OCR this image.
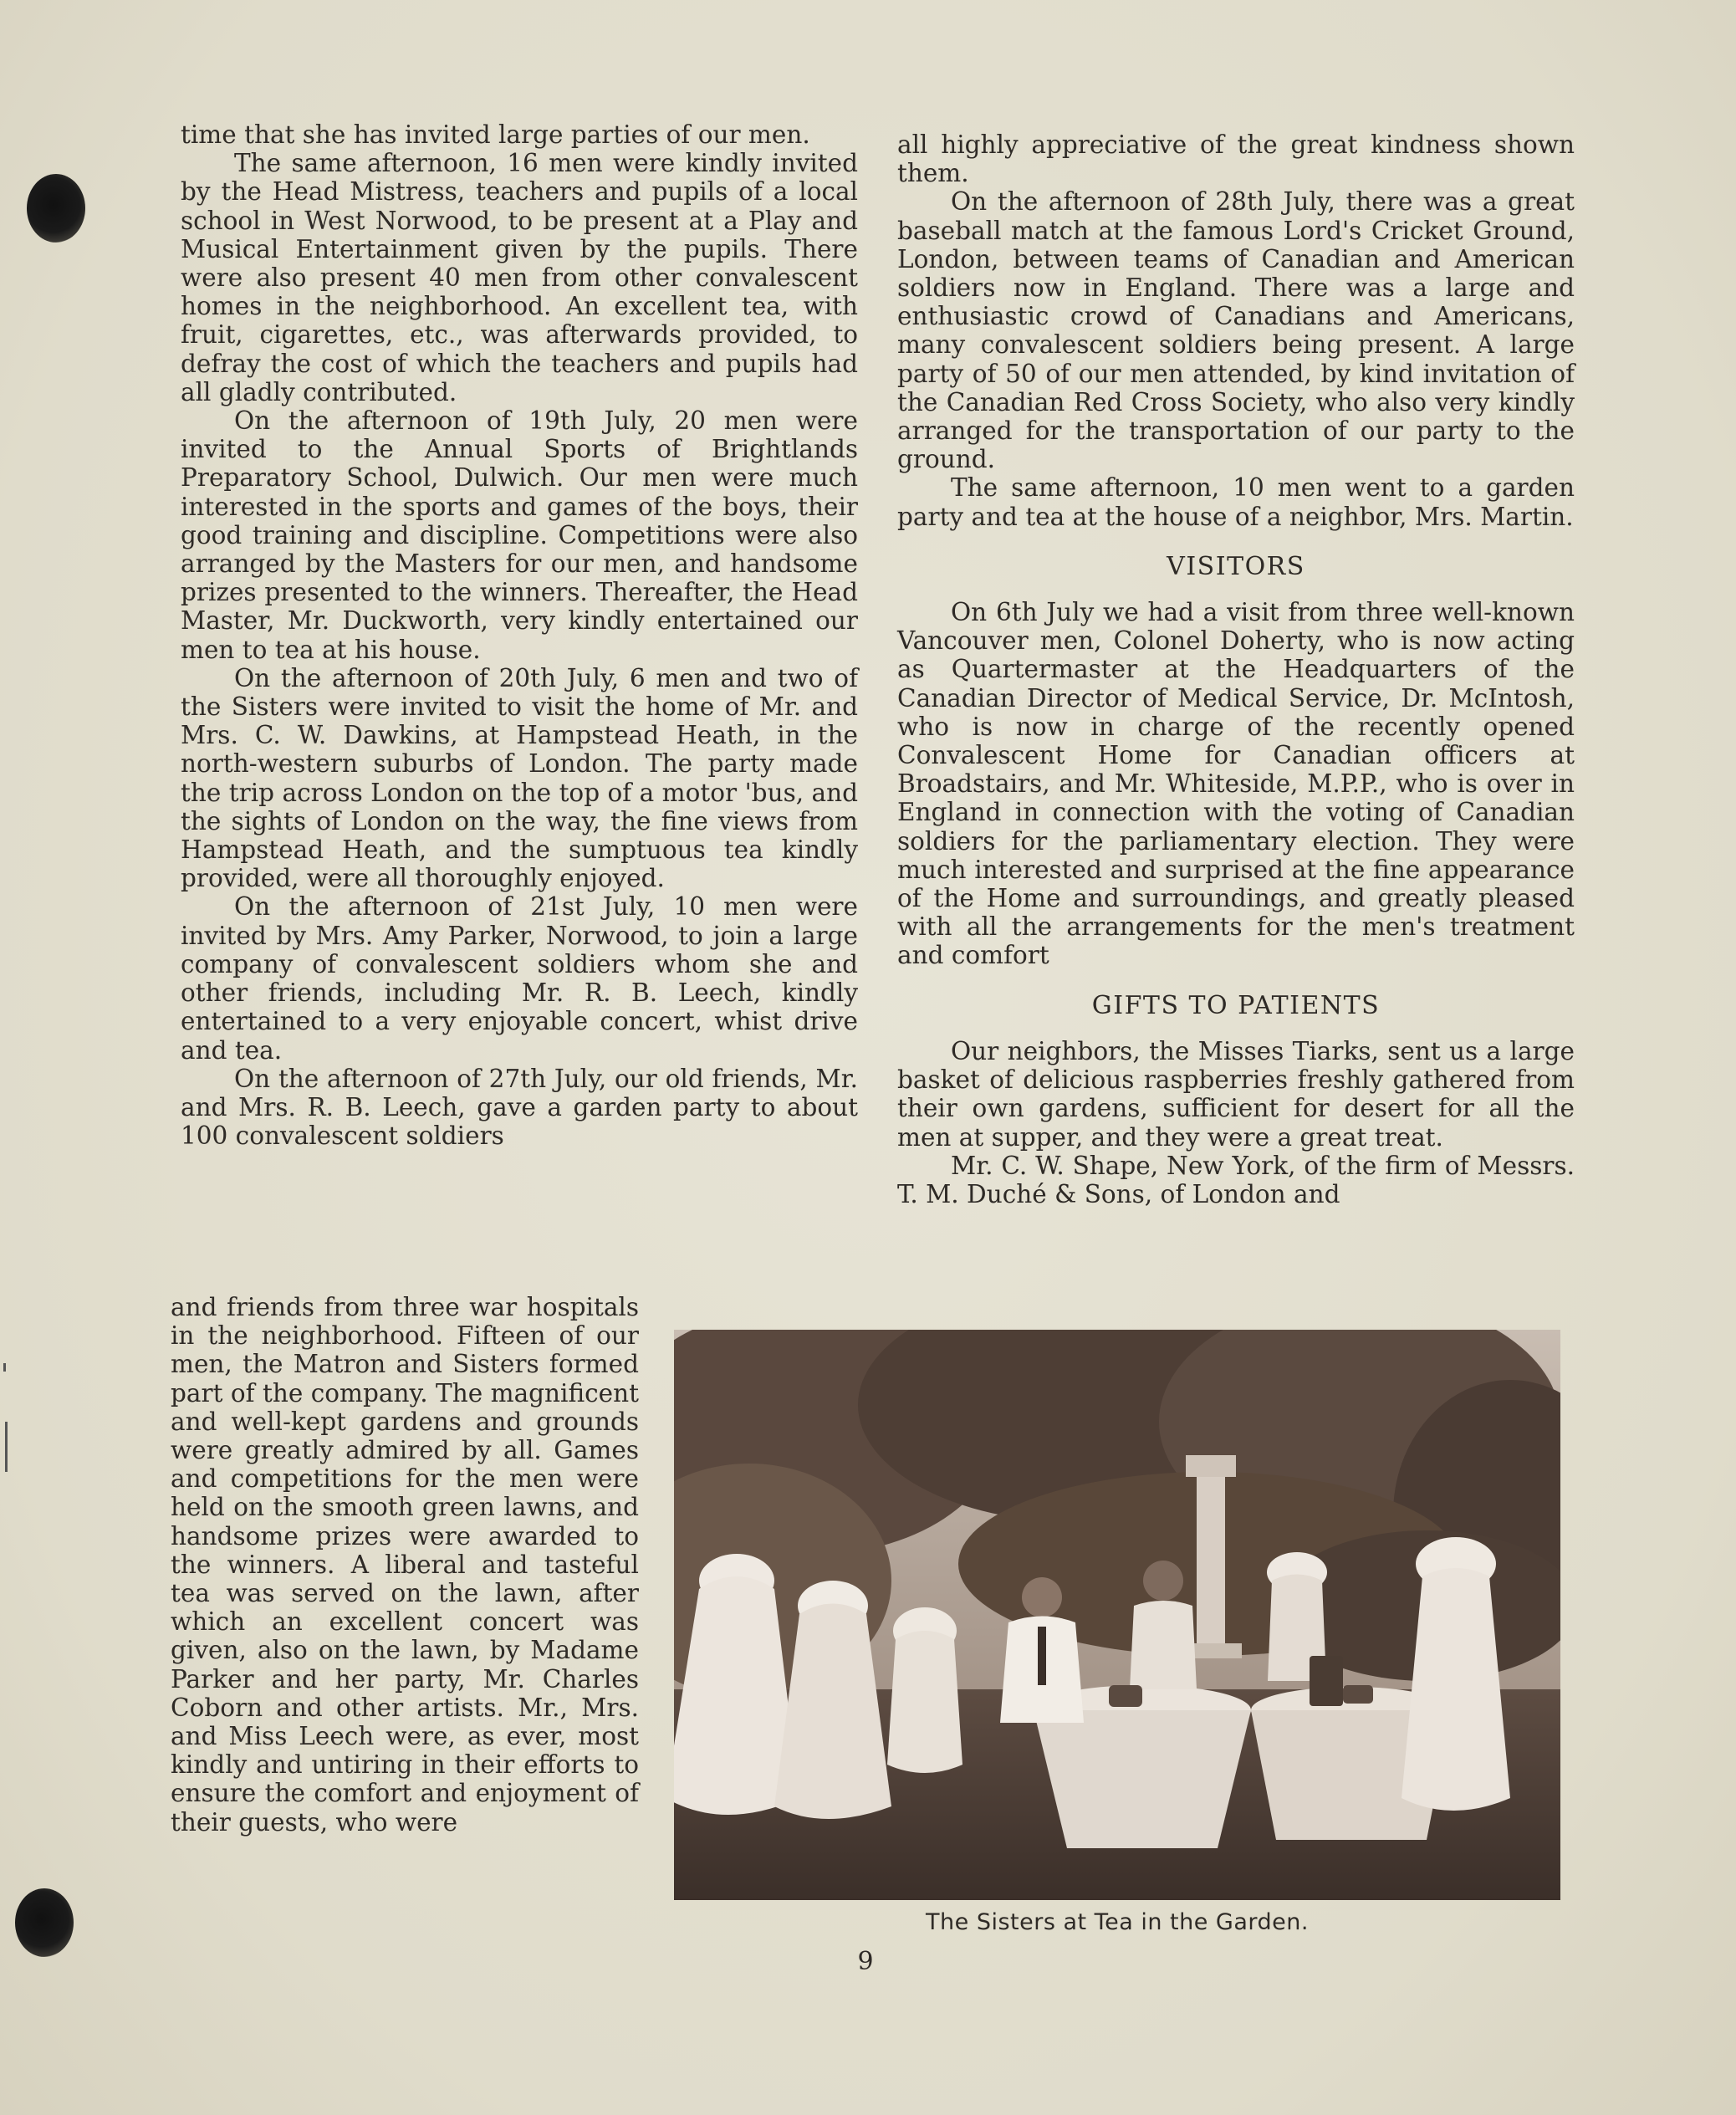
time that she has invited large parties of our men.

The same afternoon, 16 men were kindly invited by the Head Mistress, teachers and pupils of a local school in West Norwood, to be present at a Play and Musical Entertainment given by the pupils. There were also present 40 men from other convalescent homes in the neighborhood. An excellent tea, with fruit, cigarettes, etc., was afterwards provided, to defray the cost of which the teachers and pupils had all gladly contributed.

On the afternoon of 19th July, 20 men were invited to the Annual Sports of Brightlands Preparatory School, Dulwich. Our men were much interested in the sports and games of the boys, their good training and discipline. Competitions were also arranged by the Masters for our men, and handsome prizes presented to the winners. Thereafter, the Head Master, Mr. Duckworth, very kindly entertained our men to tea at his house.

On the afternoon of 20th July, 6 men and two of the Sisters were invited to visit the home of Mr. and Mrs. C. W. Dawkins, at Hampstead Heath, in the north-western suburbs of London. The party made the trip across London on the top of a motor 'bus, and the sights of London on the way, the fine views from Hampstead Heath, and the sumptuous tea kindly provided, were all thoroughly enjoyed.

On the afternoon of 21st July, 10 men were invited by Mrs. Amy Parker, Norwood, to join a large company of convalescent soldiers whom she and other friends, including Mr. R. B. Leech, kindly entertained to a very enjoyable concert, whist drive and tea.

On the afternoon of 27th July, our old friends, Mr. and Mrs. R. B. Leech, gave a garden party to about 100 convalescent soldiers

and friends from three war hospitals in the neighborhood. Fifteen of our men, the Matron and Sisters formed part of the company. The magnificent and well-kept gardens and grounds were greatly admired by all. Games and competitions for the men were held on the smooth green lawns, and handsome prizes were awarded to the winners. A liberal and tasteful tea was served on the lawn, after which an excellent concert was given, also on the lawn, by Madame Parker and her party, Mr. Charles Coborn and other artists. Mr., Mrs. and Miss Leech were, as ever, most kindly and untiring in their efforts to ensure the comfort and enjoyment of their guests, who were

all highly appreciative of the great kindness shown them.

On the afternoon of 28th July, there was a great baseball match at the famous Lord's Cricket Ground, London, between teams of Canadian and American soldiers now in England. There was a large and enthusiastic crowd of Canadians and Americans, many convalescent soldiers being present. A large party of 50 of our men attended, by kind invitation of the Canadian Red Cross Society, who also very kindly arranged for the transportation of our party to the ground.

The same afternoon, 10 men went to a garden party and tea at the house of a neighbor, Mrs. Martin.

VISITORS

On 6th July we had a visit from three well-known Vancouver men, Colonel Doherty, who is now acting as Quartermaster at the Headquarters of the Canadian Director of Medical Service, Dr. McIntosh, who is now in charge of the recently opened Convalescent Home for Canadian officers at Broadstairs, and Mr. Whiteside, M.P.P., who is over in England in connection with the voting of Canadian soldiers for the parliamentary election. They were much interested and surprised at the fine appearance of the Home and surroundings, and greatly pleased with all the arrangements for the men's treatment and comfort

GIFTS TO PATIENTS

Our neighbors, the Misses Tiarks, sent us a large basket of delicious raspberries freshly gathered from their own gardens, sufficient for desert for all the men at supper, and they were a great treat.

Mr. C. W. Shape, New York, of the firm of Messrs. T. M. Duché & Sons, of London and

The Sisters at Tea in the Garden.
9
